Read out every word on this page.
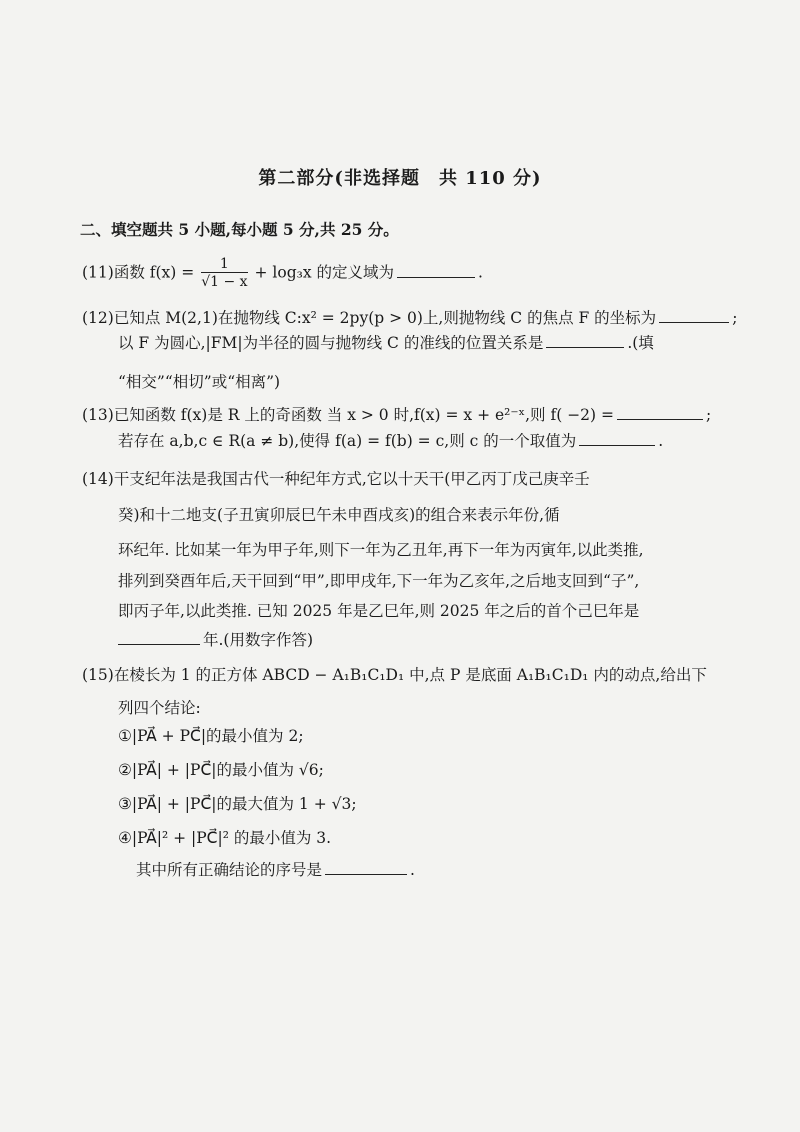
第二部分(非选择题　共 110 分)
二、填空题共 5 小题,每小题 5 分,共 25 分。
(11)函数 $f(x) = \frac{1}{√1 - x} + \log_3x$ 的定义域为	.
(12)已知点 M(2,1)在抛物线 C:x² = 2py(p > 0)上,则抛物线 C 的焦点 F 的坐标为	;
以 F 为圆心,|FM|为半径的圆与抛物线 C 的准线的位置关系是	.(填
“相交”“相切”或“相离”)
(13)已知函数 f(x)是 R 上的奇函数 当 x > 0 时,f(x) = x + e²⁻ˣ,则 f( −2) =	;
若存在 a,b,c ∈ R(a ≠ b),使得 f(a) = f(b) = c,则 c 的一个取值为	.
(14)干支纪年法是我国古代一种纪年方式,它以十天干(甲乙丙丁戊己庚辛壬
癸)和十二地支(子丑寅卯辰巳午未申酉戌亥)的组合来表示年份,循
环纪年. 比如某一年为甲子年,则下一年为乙丑年,再下一年为丙寅年,以此类推,
排列到癸酉年后,天干回到“甲”,即甲戌年,下一年为乙亥年,之后地支回到“子”,
即丙子年,以此类推. 已知 2025 年是乙巳年,则 2025 年之后的首个己巳年是
年.(用数字作答)
(15)在棱长为 1 的正方体 ABCD − A₁B₁C₁D₁ 中,点 P 是底面 A₁B₁C₁D₁ 内的动点,给出下
列四个结论:
①|PA⃗ + PC⃗|的最小值为 2;
②|PA⃗| + |PC⃗|的最小值为 √6;
③|PA⃗| + |PC⃗|的最大值为 1 + √3;
④|PA⃗|² + |PC⃗|² 的最小值为 3.
其中所有正确结论的序号是	.
